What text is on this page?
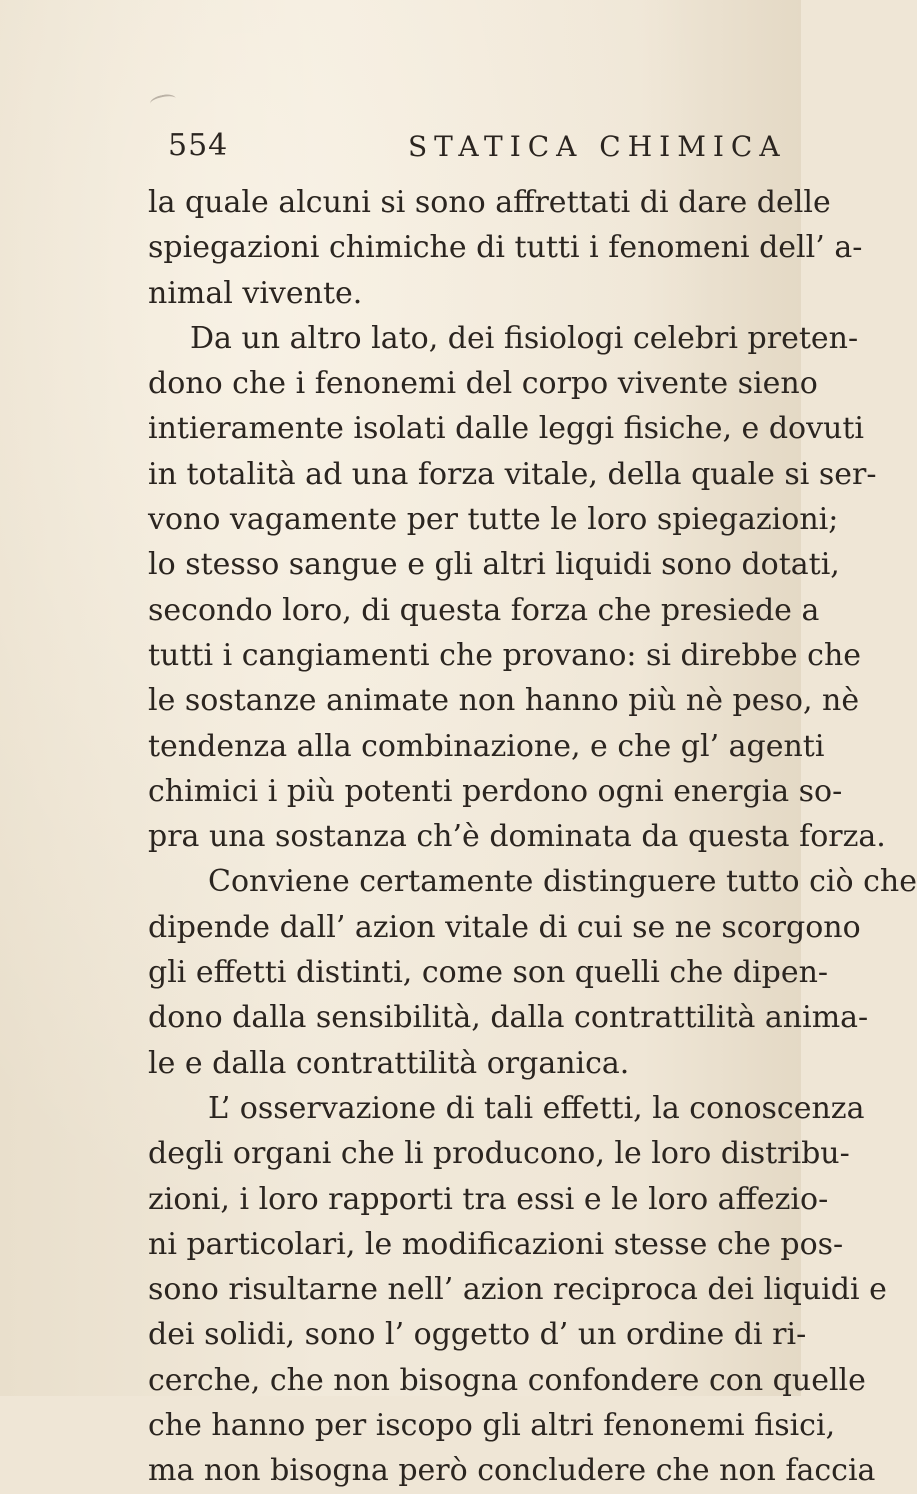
554	STATICA CHIMICA
la quale alcuni si sono affrettati di dare delle
spiegazioni chimiche di tutti i fenomeni dell’ a-
nimal vivente.
Da un altro lato, dei fisiologi celebri preten-
dono che i fenonemi del corpo vivente sieno
intieramente isolati dalle leggi fisiche, e dovuti
in totalità ad una forza vitale, della quale si ser-
vono vagamente per tutte le loro spiegazioni;
lo stesso sangue e gli altri liquidi sono dotati,
secondo loro, di questa forza che presiede a
tutti i cangiamenti che provano: si direbbe che
le sostanze animate non hanno più nè peso, nè
tendenza alla combinazione, e che gl’ agenti
chimici i più potenti perdono ogni energia so-
pra una sostanza ch’è dominata da questa forza.
Conviene certamente distinguere tutto ciò che
dipende dall’ azion vitale di cui se ne scorgono
gli effetti distinti, come son quelli che dipen-
dono dalla sensibilità, dalla contrattilità anima-
le e dalla contrattilità organica.
L’ osservazione di tali effetti, la conoscenza
degli organi che li producono, le loro distribu-
zioni, i loro rapporti tra essi e le loro affezio-
ni particolari, le modificazioni stesse che pos-
sono risultarne nell’ azion reciproca dei liquidi e
dei solidi, sono l’ oggetto d’ un ordine di ri-
cerche, che non bisogna confondere con quelle
che hanno per iscopo gli altri fenonemi fisici,
ma non bisogna però concludere che non faccia
